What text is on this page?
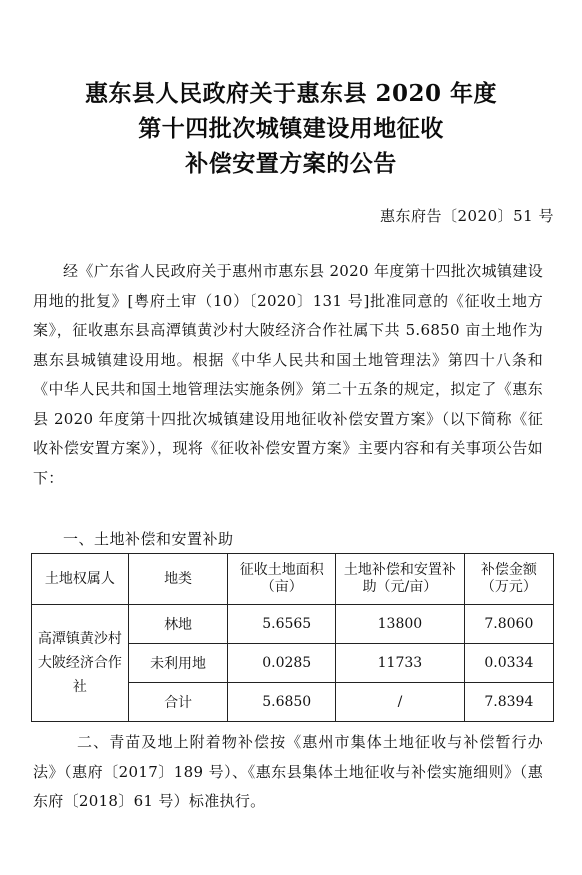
惠东县人民政府关于惠东县 2020 年度
第十四批次城镇建设用地征收
补偿安置方案的公告
惠东府告〔2020〕51 号
经《广东省人民政府关于惠州市惠东县 2020 年度第十四批次城镇建设用地的批复》[粤府土审（10）〔2020〕131 号]批准同意的《征收土地方案》，征收惠东县高潭镇黄沙村大陂经济合作社属下共 5.6850 亩土地作为惠东县城镇建设用地。根据《中华人民共和国土地管理法》第四十八条和《中华人民共和国土地管理法实施条例》第二十五条的规定，拟定了《惠东县 2020 年度第十四批次城镇建设用地征收补偿安置方案》（以下简称《征收补偿安置方案》），现将《征收补偿安置方案》主要内容和有关事项公告如下：
一、土地补偿和安置补助
土地权属人	地类	征收土地面积（亩）	土地补偿和安置补助（元/亩）	补偿金额（万元）
高潭镇黄沙村大陂经济合作社	林地	5.6565	13800	7.8060
	未利用地	0.0285	11733	0.0334
	合计	5.6850	/	7.8394
二、青苗及地上附着物补偿按《惠州市集体土地征收与补偿暂行办法》（惠府〔2017〕189 号）、《惠东县集体土地征收与补偿实施细则》（惠东府〔2018〕61 号）标准执行。
